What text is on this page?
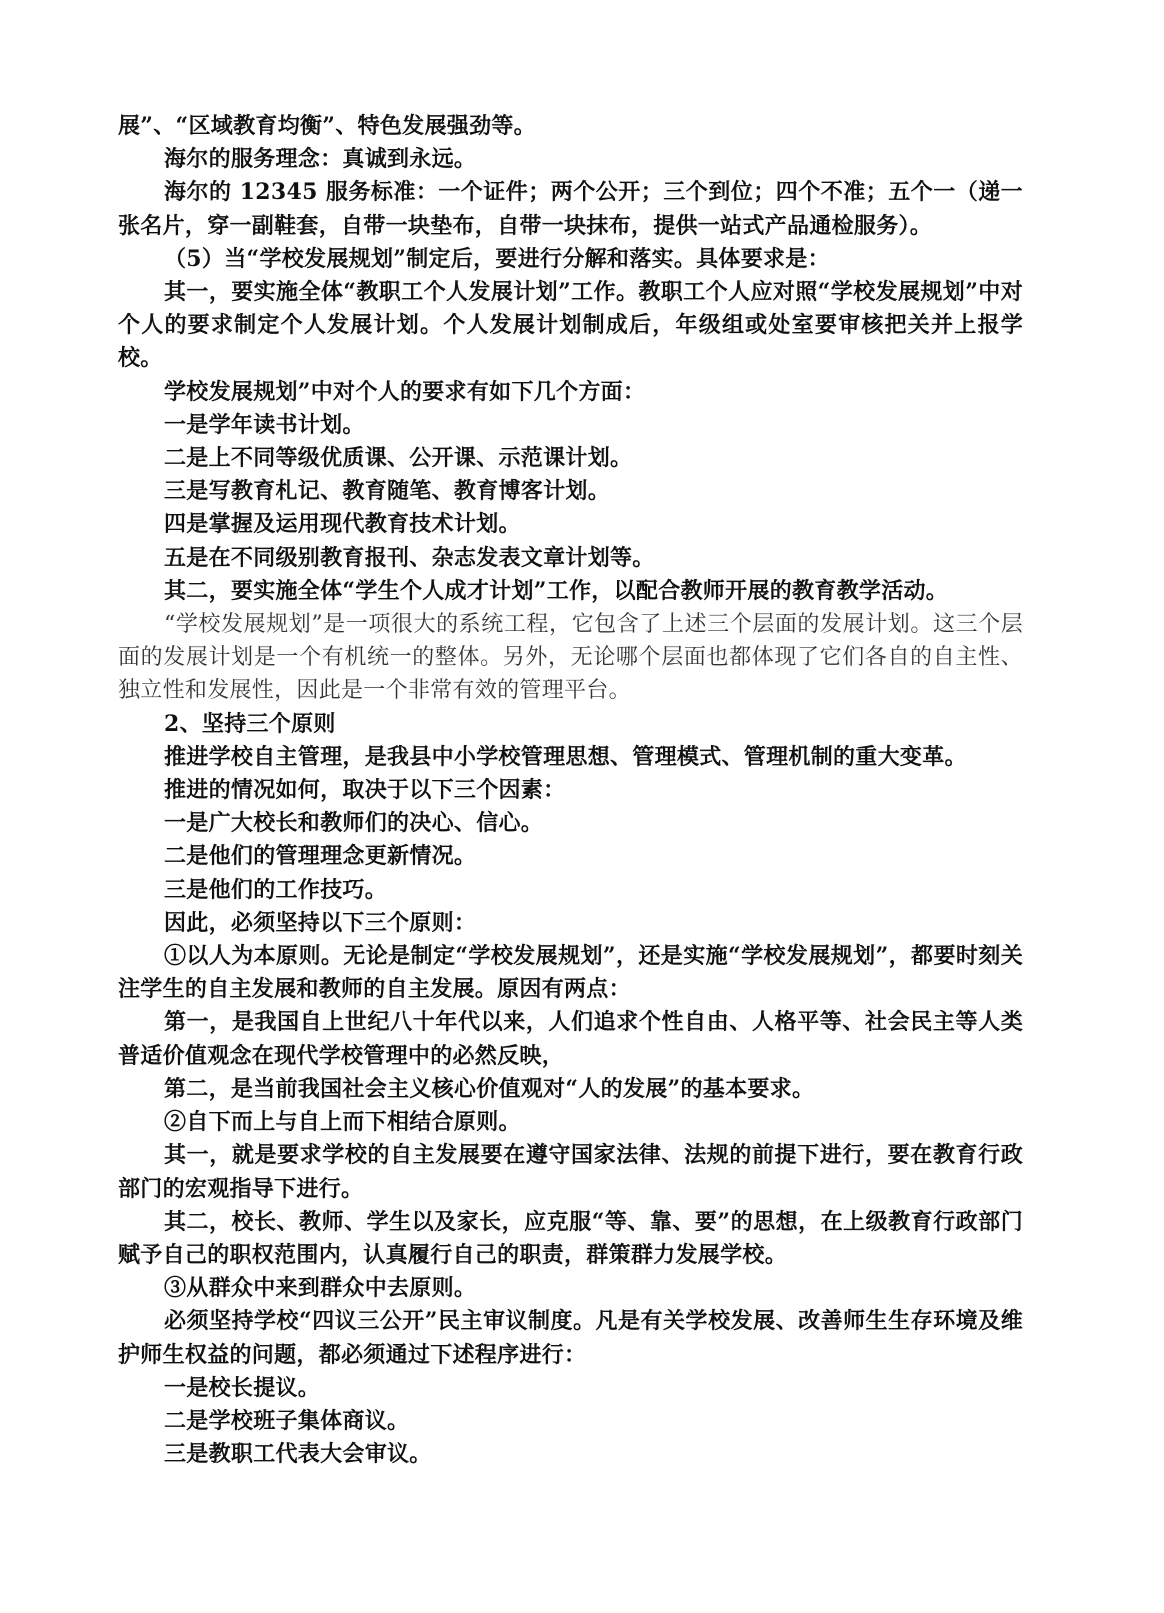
展”、“区域教育均衡”、特色发展强劲等。

海尔的服务理念：真诚到永远。

海尔的 12345 服务标准：一个证件；两个公开；三个到位；四个不准；五个一（递一张名片，穿一副鞋套，自带一块垫布，自带一块抹布，提供一站式产品通检服务）。

（5）当“学校发展规划”制定后，要进行分解和落实。具体要求是：

其一，要实施全体“教职工个人发展计划”工作。教职工个人应对照“学校发展规划”中对个人的要求制定个人发展计划。个人发展计划制成后，年级组或处室要审核把关并上报学校。

学校发展规划”中对个人的要求有如下几个方面：

一是学年读书计划。

二是上不同等级优质课、公开课、示范课计划。

三是写教育札记、教育随笔、教育博客计划。

四是掌握及运用现代教育技术计划。

五是在不同级别教育报刊、杂志发表文章计划等。

其二，要实施全体“学生个人成才计划”工作，以配合教师开展的教育教学活动。

“学校发展规划”是一项很大的系统工程，它包含了上述三个层面的发展计划。这三个层面的发展计划是一个有机统一的整体。另外，无论哪个层面也都体现了它们各自的自主性、独立性和发展性，因此是一个非常有效的管理平台。

2、坚持三个原则

推进学校自主管理，是我县中小学校管理思想、管理模式、管理机制的重大变革。

推进的情况如何，取决于以下三个因素：

一是广大校长和教师们的决心、信心。

二是他们的管理理念更新情况。

三是他们的工作技巧。

因此，必须坚持以下三个原则：

①以人为本原则。无论是制定“学校发展规划”，还是实施“学校发展规划”，都要时刻关注学生的自主发展和教师的自主发展。原因有两点：

第一，是我国自上世纪八十年代以来，人们追求个性自由、人格平等、社会民主等人类普适价值观念在现代学校管理中的必然反映，

第二，是当前我国社会主义核心价值观对“人的发展”的基本要求。

②自下而上与自上而下相结合原则。

其一，就是要求学校的自主发展要在遵守国家法律、法规的前提下进行，要在教育行政部门的宏观指导下进行。

其二，校长、教师、学生以及家长，应克服“等、靠、要”的思想，在上级教育行政部门赋予自己的职权范围内，认真履行自己的职责，群策群力发展学校。

③从群众中来到群众中去原则。

必须坚持学校“四议三公开”民主审议制度。凡是有关学校发展、改善师生生存环境及维护师生权益的问题，都必须通过下述程序进行：

一是校长提议。

二是学校班子集体商议。

三是教职工代表大会审议。
